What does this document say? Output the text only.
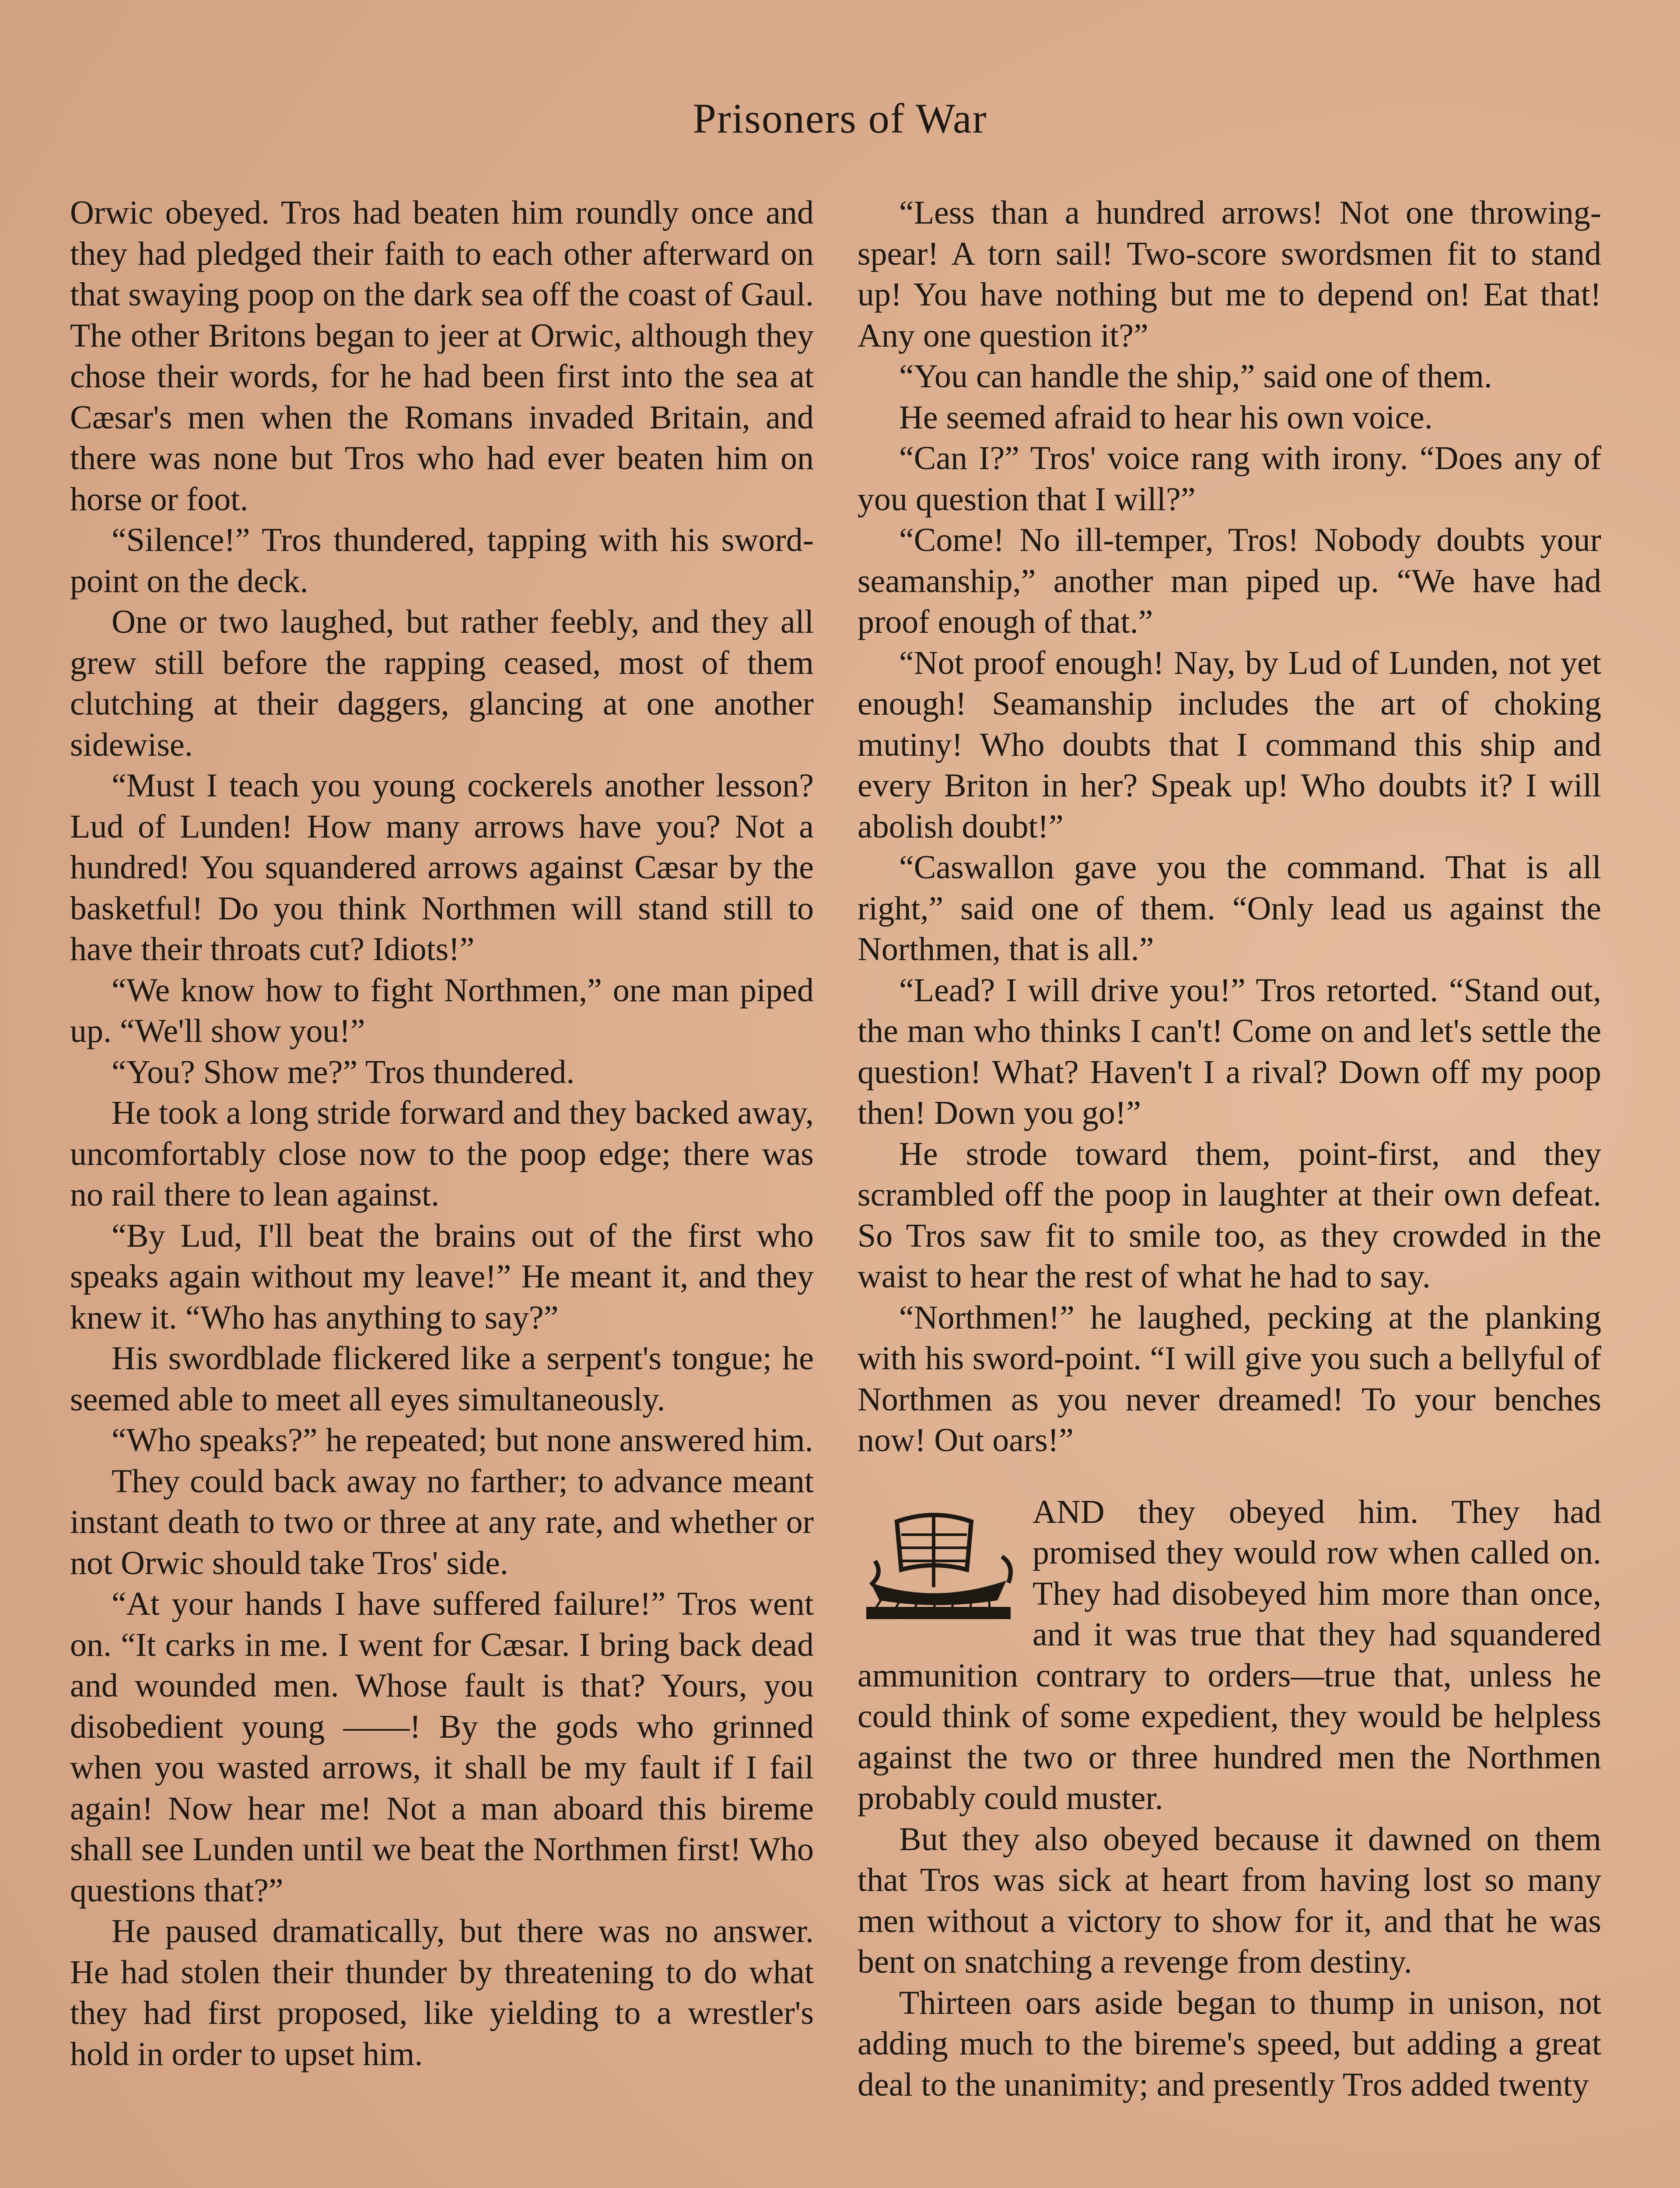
Prisoners of War

Orwic obeyed. Tros had beaten him roundly once and they had pledged their faith to each other afterward on that swaying poop on the dark sea off the coast of Gaul. The other Britons began to jeer at Orwic, although they chose their words, for he had been first into the sea at Cæsar's men when the Romans invaded Britain, and there was none but Tros who had ever beaten him on horse or foot.

“Silence!” Tros thundered, tapping with his sword-point on the deck.

One or two laughed, but rather feebly, and they all grew still before the rapping ceased, most of them clutching at their daggers, glancing at one another sidewise.

“Must I teach you young cockerels another lesson? Lud of Lunden! How many arrows have you? Not a hundred! You squandered arrows against Cæsar by the basketful! Do you think Northmen will stand still to have their throats cut? Idiots!”

“We know how to fight Northmen,” one man piped up. “We'll show you!”

“You? Show me?” Tros thundered.

He took a long stride forward and they backed away, uncomfortably close now to the poop edge; there was no rail there to lean against.

“By Lud, I'll beat the brains out of the first who speaks again without my leave!” He meant it, and they knew it. “Who has anything to say?”

His swordblade flickered like a serpent's tongue; he seemed able to meet all eyes simultaneously.

“Who speaks?” he repeated; but none answered him.

They could back away no farther; to advance meant instant death to two or three at any rate, and whether or not Orwic should take Tros' side.

“At your hands I have suffered failure!” Tros went on. “It carks in me. I went for Cæsar. I bring back dead and wounded men. Whose fault is that? Yours, you disobedient young ——! By the gods who grinned when you wasted arrows, it shall be my fault if I fail again! Now hear me! Not a man aboard this bireme shall see Lunden until we beat the Northmen first! Who questions that?”

He paused dramatically, but there was no answer. He had stolen their thunder by threatening to do what they had first proposed, like yielding to a wrestler's hold in order to upset him.

“Less than a hundred arrows! Not one throwing-spear! A torn sail! Two-score swordsmen fit to stand up! You have nothing but me to depend on! Eat that! Any one question it?”

“You can handle the ship,” said one of them.

He seemed afraid to hear his own voice.

“Can I?” Tros' voice rang with irony. “Does any of you question that I will?”

“Come! No ill-temper, Tros! Nobody doubts your seamanship,” another man piped up. “We have had proof enough of that.”

“Not proof enough! Nay, by Lud of Lunden, not yet enough! Seamanship includes the art of choking mutiny! Who doubts that I command this ship and every Briton in her? Speak up! Who doubts it? I will abolish doubt!”

“Caswallon gave you the command. That is all right,” said one of them. “Only lead us against the Northmen, that is all.”

“Lead? I will drive you!” Tros retorted. “Stand out, the man who thinks I can't! Come on and let's settle the question! What? Haven't I a rival? Down off my poop then! Down you go!”

He strode toward them, point-first, and they scrambled off the poop in laughter at their own defeat. So Tros saw fit to smile too, as they crowded in the waist to hear the rest of what he had to say.

“Northmen!” he laughed, pecking at the planking with his sword-point. “I will give you such a bellyful of Northmen as you never dreamed! To your benches now! Out oars!”

AND they obeyed him. They had promised they would row when called on. They had disobeyed him more than once, and it was true that they had squandered ammunition contrary to orders—true that, unless he could think of some expedient, they would be helpless against the two or three hundred men the Northmen probably could muster.

But they also obeyed because it dawned on them that Tros was sick at heart from having lost so many men without a victory to show for it, and that he was bent on snatching a revenge from destiny.

Thirteen oars aside began to thump in unison, not adding much to the bireme's speed, but adding a great deal to the unanimity; and presently Tros added twenty
